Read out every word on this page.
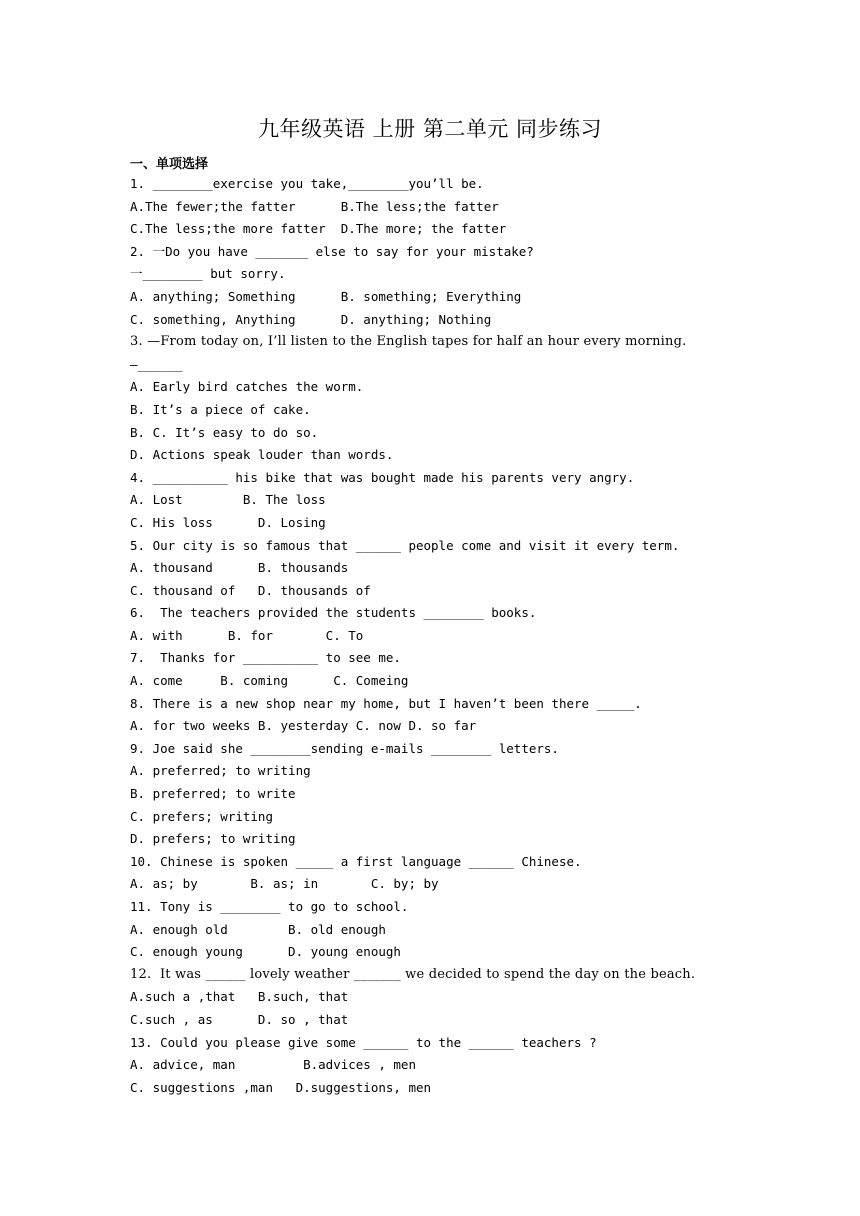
九年级英语 上册 第二单元 同步练习
一、单项选择
1. ________exercise you take,________you’ll be.
A.The fewer;the fatter      B.The less;the fatter
C.The less;the more fatter  D.The more; the fatter
2. 一Do you have _______ else to say for your mistake?
一________ but sorry.
A. anything; Something      B. something; Everything
C. something, Anything      D. anything; Nothing
3. —From today on, I’ll listen to the English tapes for half an hour every morning.
—______
A. Early bird catches the worm.
B. It’s a piece of cake.
B. C. It’s easy to do so.
D. Actions speak louder than words.
4. __________ his bike that was bought made his parents very angry.
A. Lost        B. The loss
C. His loss      D. Losing
5. Our city is so famous that ______ people come and visit it every term.
A. thousand      B. thousands
C. thousand of   D. thousands of
6.  The teachers provided the students ________ books.
A. with      B. for       C. To
7.  Thanks for __________ to see me.
A. come     B. coming      C. Comeing
8. There is a new shop near my home, but I haven’t been there _____.
A. for two weeks B. yesterday C. now D. so far
9. Joe said she ________sending e-mails ________ letters.
A. preferred; to writing
B. preferred; to write
C. prefers; writing
D. prefers; to writing
10. Chinese is spoken _____ a first language ______ Chinese.
A. as; by       B. as; in       C. by; by
11. Tony is ________ to go to school.
A. enough old        B. old enough
C. enough young      D. young enough
12.  It was ______ lovely weather _______ we decided to spend the day on the beach.
A.such a ,that   B.such, that
C.such , as      D. so , that
13. Could you please give some ______ to the ______ teachers ?
A. advice, man         B.advices , men
C. suggestions ,man   D.suggestions, men
